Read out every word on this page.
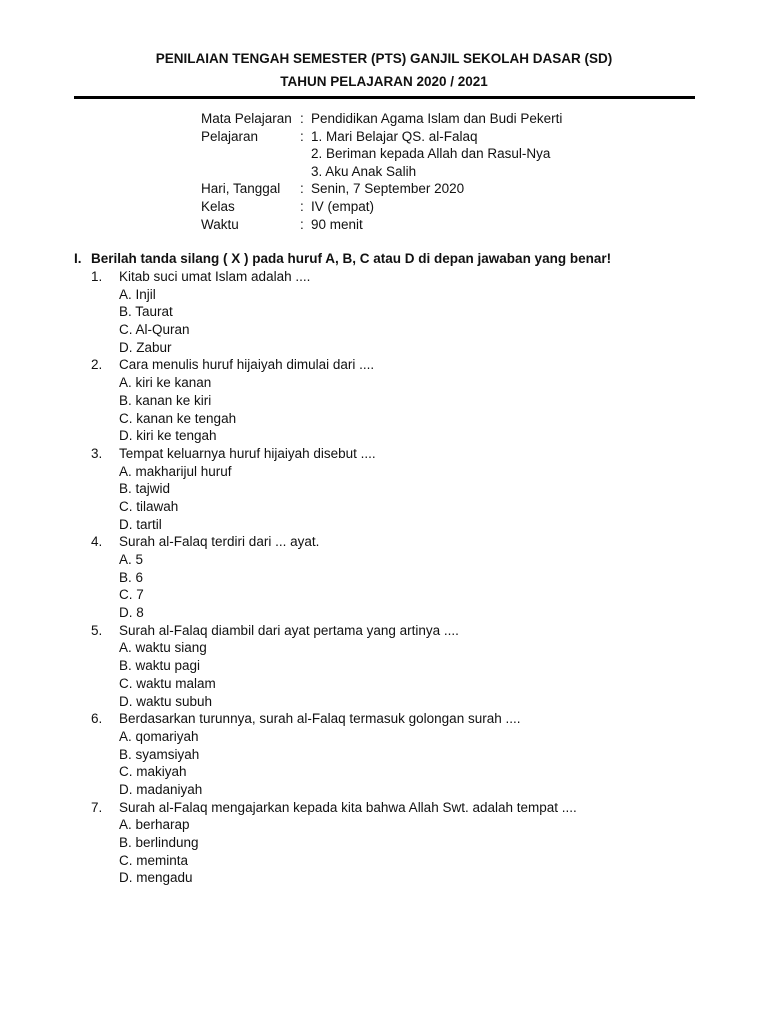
PENILAIAN TENGAH SEMESTER (PTS) GANJIL SEKOLAH DASAR (SD)
TAHUN PELAJARAN 2020 / 2021
Mata Pelajaran : Pendidikan Agama Islam dan Budi Pekerti
Pelajaran	: 1. Mari Belajar QS. al-Falaq
2. Beriman kepada Allah dan Rasul-Nya
3. Aku Anak Salih
Hari, Tanggal	: Senin, 7 September 2020
Kelas	: IV (empat)
Waktu	: 90 menit
I. Berilah tanda silang ( X ) pada huruf A, B, C atau D di depan jawaban yang benar!
1.	Kitab suci umat Islam adalah ....
A. Injil
B. Taurat
C. Al-Quran
D. Zabur
2.	Cara menulis huruf hijaiyah dimulai dari ....
A. kiri ke kanan
B. kanan ke kiri
C. kanan ke tengah
D. kiri ke tengah
3.	Tempat keluarnya huruf hijaiyah disebut ....
A. makharijul huruf
B. tajwid
C. tilawah
D. tartil
4.	Surah al-Falaq terdiri dari ... ayat.
A. 5
B. 6
C. 7
D. 8
5.	Surah al-Falaq diambil dari ayat pertama yang artinya ....
A. waktu siang
B. waktu pagi
C. waktu malam
D. waktu subuh
6.	Berdasarkan turunnya, surah al-Falaq termasuk golongan surah ....
A. qomariyah
B. syamsiyah
C. makiyah
D. madaniyah
7.	Surah al-Falaq mengajarkan kepada kita bahwa Allah Swt. adalah tempat ....
A. berharap
B. berlindung
C. meminta
D. mengadu
